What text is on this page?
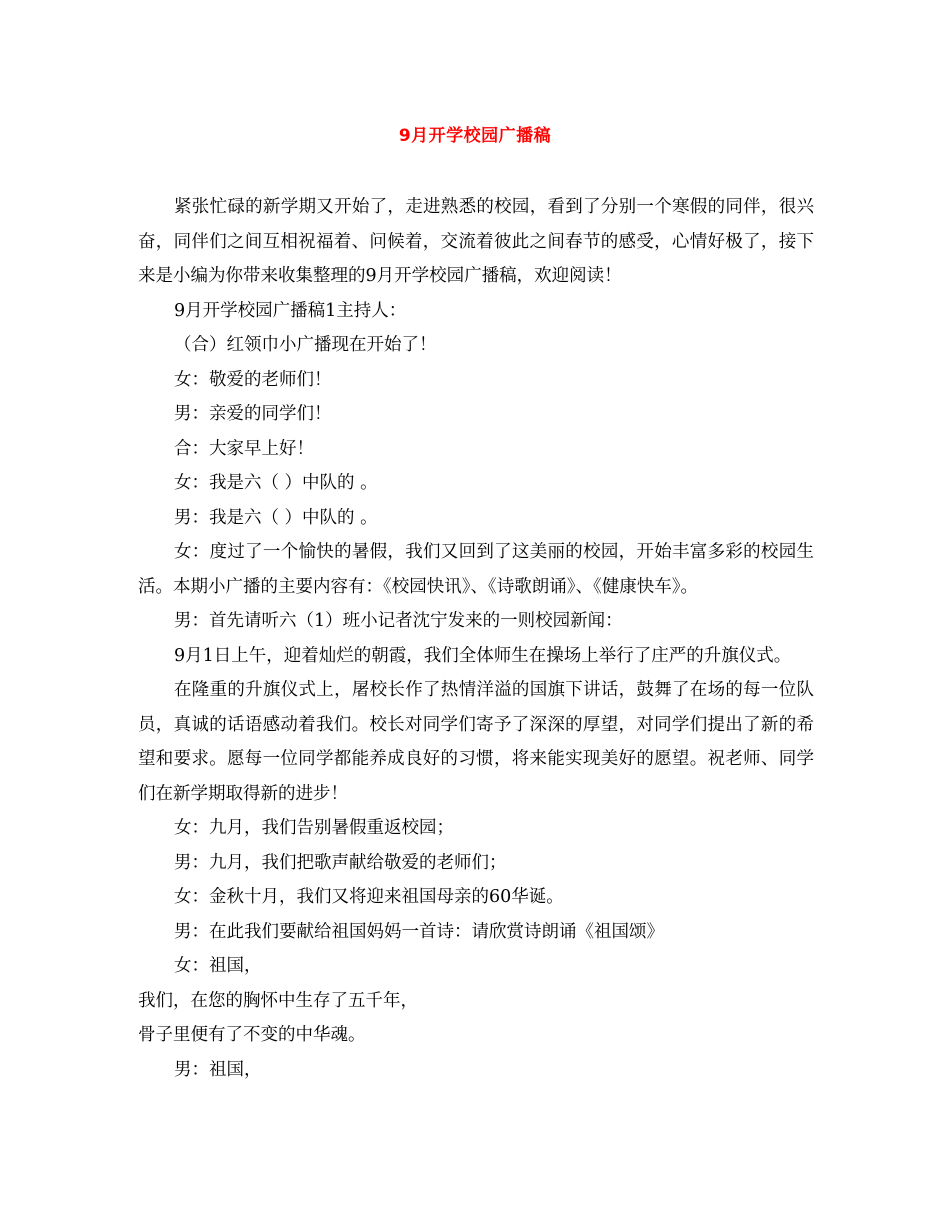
9月开学校园广播稿

紧张忙碌的新学期又开始了，走进熟悉的校园，看到了分别一个寒假的同伴，很兴奋，同伴们之间互相祝福着、问候着，交流着彼此之间春节的感受，心情好极了，接下来是小编为你带来收集整理的9月开学校园广播稿，欢迎阅读！

9月开学校园广播稿1主持人：

（合）红领巾小广播现在开始了！

女：敬爱的老师们！

男：亲爱的同学们！

合：大家早上好！

女：我是六（ ）中队的 。

男：我是六（ ）中队的 。

女：度过了一个愉快的暑假，我们又回到了这美丽的校园，开始丰富多彩的校园生活。本期小广播的主要内容有：《校园快讯》、《诗歌朗诵》、《健康快车》。

男：首先请听六（1）班小记者沈宁发来的一则校园新闻：

9月1日上午，迎着灿烂的朝霞，我们全体师生在操场上举行了庄严的升旗仪式。

在隆重的升旗仪式上，屠校长作了热情洋溢的国旗下讲话，鼓舞了在场的每一位队员，真诚的话语感动着我们。校长对同学们寄予了深深的厚望，对同学们提出了新的希望和要求。愿每一位同学都能养成良好的习惯，将来能实现美好的愿望。祝老师、同学们在新学期取得新的进步！

女：九月，我们告别暑假重返校园；

男：九月，我们把歌声献给敬爱的老师们；

女：金秋十月，我们又将迎来祖国母亲的60华诞。

男：在此我们要献给祖国妈妈一首诗：请欣赏诗朗诵《祖国颂》

女：祖国，

我们，在您的胸怀中生存了五千年，

骨子里便有了不变的中华魂。

男：祖国，
